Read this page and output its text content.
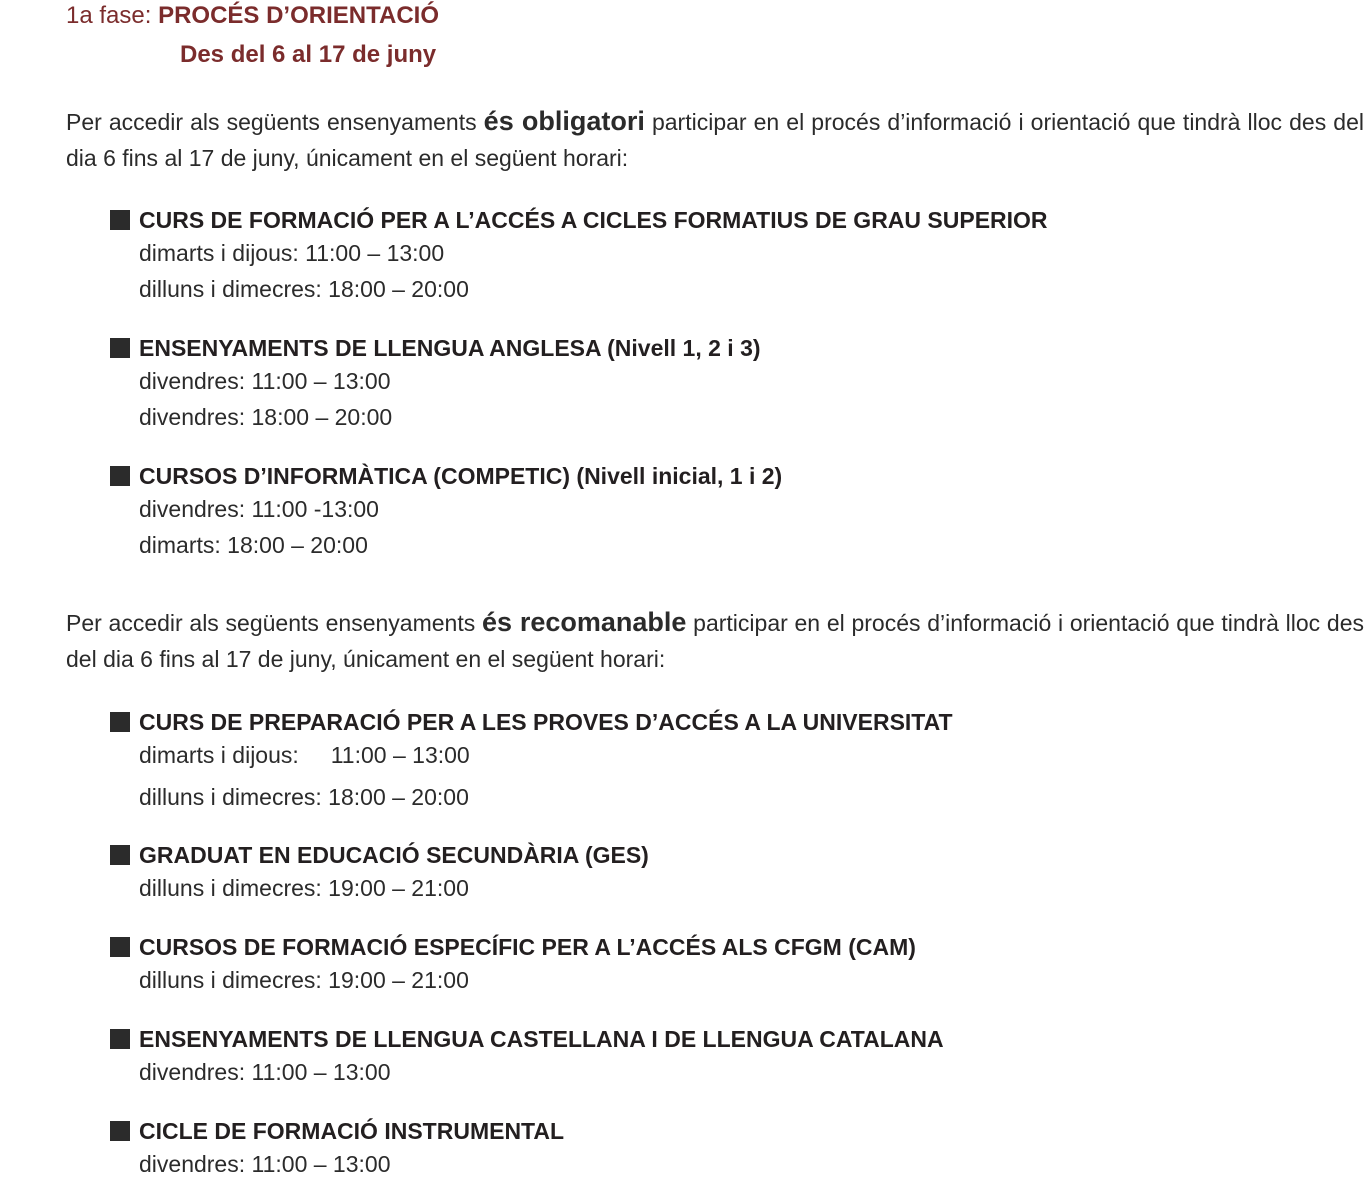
1a fase: PROCÉS D’ORIENTACIÓ
Des del 6 al 17 de juny
Per accedir als següents ensenyaments és obligatori participar en el procés d’informació i orientació que tindrà lloc des del dia 6 fins al 17 de juny, únicament en el següent horari:
CURS DE FORMACIÓ PER A L’ACCÉS A CICLES FORMATIUS DE GRAU SUPERIOR
dimarts i dijous: 11:00 – 13:00
dilluns i dimecres: 18:00 – 20:00
ENSENYAMENTS DE LLENGUA ANGLESA (Nivell 1, 2 i 3)
divendres: 11:00 – 13:00
divendres: 18:00 – 20:00
CURSOS D’INFORMÀTICA (COMPETIC) (Nivell inicial, 1 i 2)
divendres: 11:00 -13:00
dimarts: 18:00 – 20:00
Per accedir als següents ensenyaments és recomanable participar en el procés d’informació i orientació que tindrà lloc des del dia 6 fins al 17 de juny, únicament en el següent horari:
CURS DE PREPARACIÓ PER A LES PROVES D’ACCÉS A LA UNIVERSITAT
dimarts i dijous:     11:00 – 13:00
dilluns i dimecres: 18:00 – 20:00
GRADUAT EN EDUCACIÓ SECUNDÀRIA (GES)
dilluns i dimecres: 19:00 – 21:00
CURSOS DE FORMACIÓ ESPECÍFIC PER A L’ACCÉS ALS CFGM (CAM)
dilluns i dimecres: 19:00 – 21:00
ENSENYAMENTS DE LLENGUA CASTELLANA I DE LLENGUA CATALANA
divendres: 11:00 – 13:00
CICLE DE FORMACIÓ INSTRUMENTAL
divendres: 11:00 – 13:00
